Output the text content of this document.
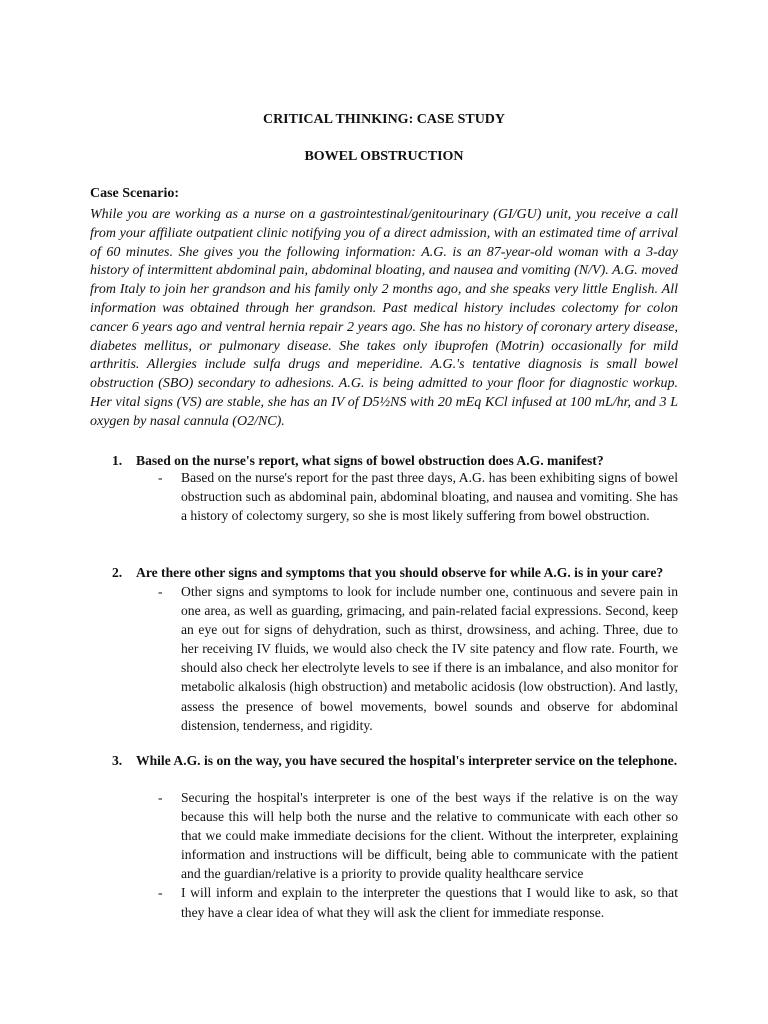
CRITICAL THINKING: CASE STUDY
BOWEL OBSTRUCTION
Case Scenario:

While you are working as a nurse on a gastrointestinal/genitourinary (GI/GU) unit, you receive a call from your affiliate outpatient clinic notifying you of a direct admission, with an estimated time of arrival of 60 minutes. She gives you the following information: A.G. is an 87-year-old woman with a 3-day history of intermittent abdominal pain, abdominal bloating, and nausea and vomiting (N/V). A.G. moved from Italy to join her grandson and his family only 2 months ago, and she speaks very little English. All information was obtained through her grandson. Past medical history includes colectomy for colon cancer 6 years ago and ventral hernia repair 2 years ago. She has no history of coronary artery disease, diabetes mellitus, or pulmonary disease. She takes only ibuprofen (Motrin) occasionally for mild arthritis. Allergies include sulfa drugs and meperidine. A.G.'s tentative diagnosis is small bowel obstruction (SBO) secondary to adhesions. A.G. is being admitted to your floor for diagnostic workup. Her vital signs (VS) are stable, she has an IV of D5½NS with 20 mEq KCl infused at 100 mL/hr, and 3 L oxygen by nasal cannula (O2/NC).

1. Based on the nurse's report, what signs of bowel obstruction does A.G. manifest?
- Based on the nurse's report for the past three days, A.G. has been exhibiting signs of bowel obstruction such as abdominal pain, abdominal bloating, and nausea and vomiting. She has a history of colectomy surgery, so she is most likely suffering from bowel obstruction.
2. Are there other signs and symptoms that you should observe for while A.G. is in your care?
- Other signs and symptoms to look for include number one, continuous and severe pain in one area, as well as guarding, grimacing, and pain-related facial expressions. Second, keep an eye out for signs of dehydration, such as thirst, drowsiness, and aching. Three, due to her receiving IV fluids, we would also check the IV site patency and flow rate. Fourth, we should also check her electrolyte levels to see if there is an imbalance, and also monitor for metabolic alkalosis (high obstruction) and metabolic acidosis (low obstruction). And lastly, assess the presence of bowel movements, bowel sounds and observe for abdominal distension, tenderness, and rigidity.
3. While A.G. is on the way, you have secured the hospital's interpreter service on the telephone.
- Securing the hospital's interpreter is one of the best ways if the relative is on the way because this will help both the nurse and the relative to communicate with each other so that we could make immediate decisions for the client. Without the interpreter, explaining information and instructions will be difficult, being able to communicate with the patient and the guardian/relative is a priority to provide quality healthcare service
- I will inform and explain to the interpreter the questions that I would like to ask, so that they have a clear idea of what they will ask the client for immediate response.
